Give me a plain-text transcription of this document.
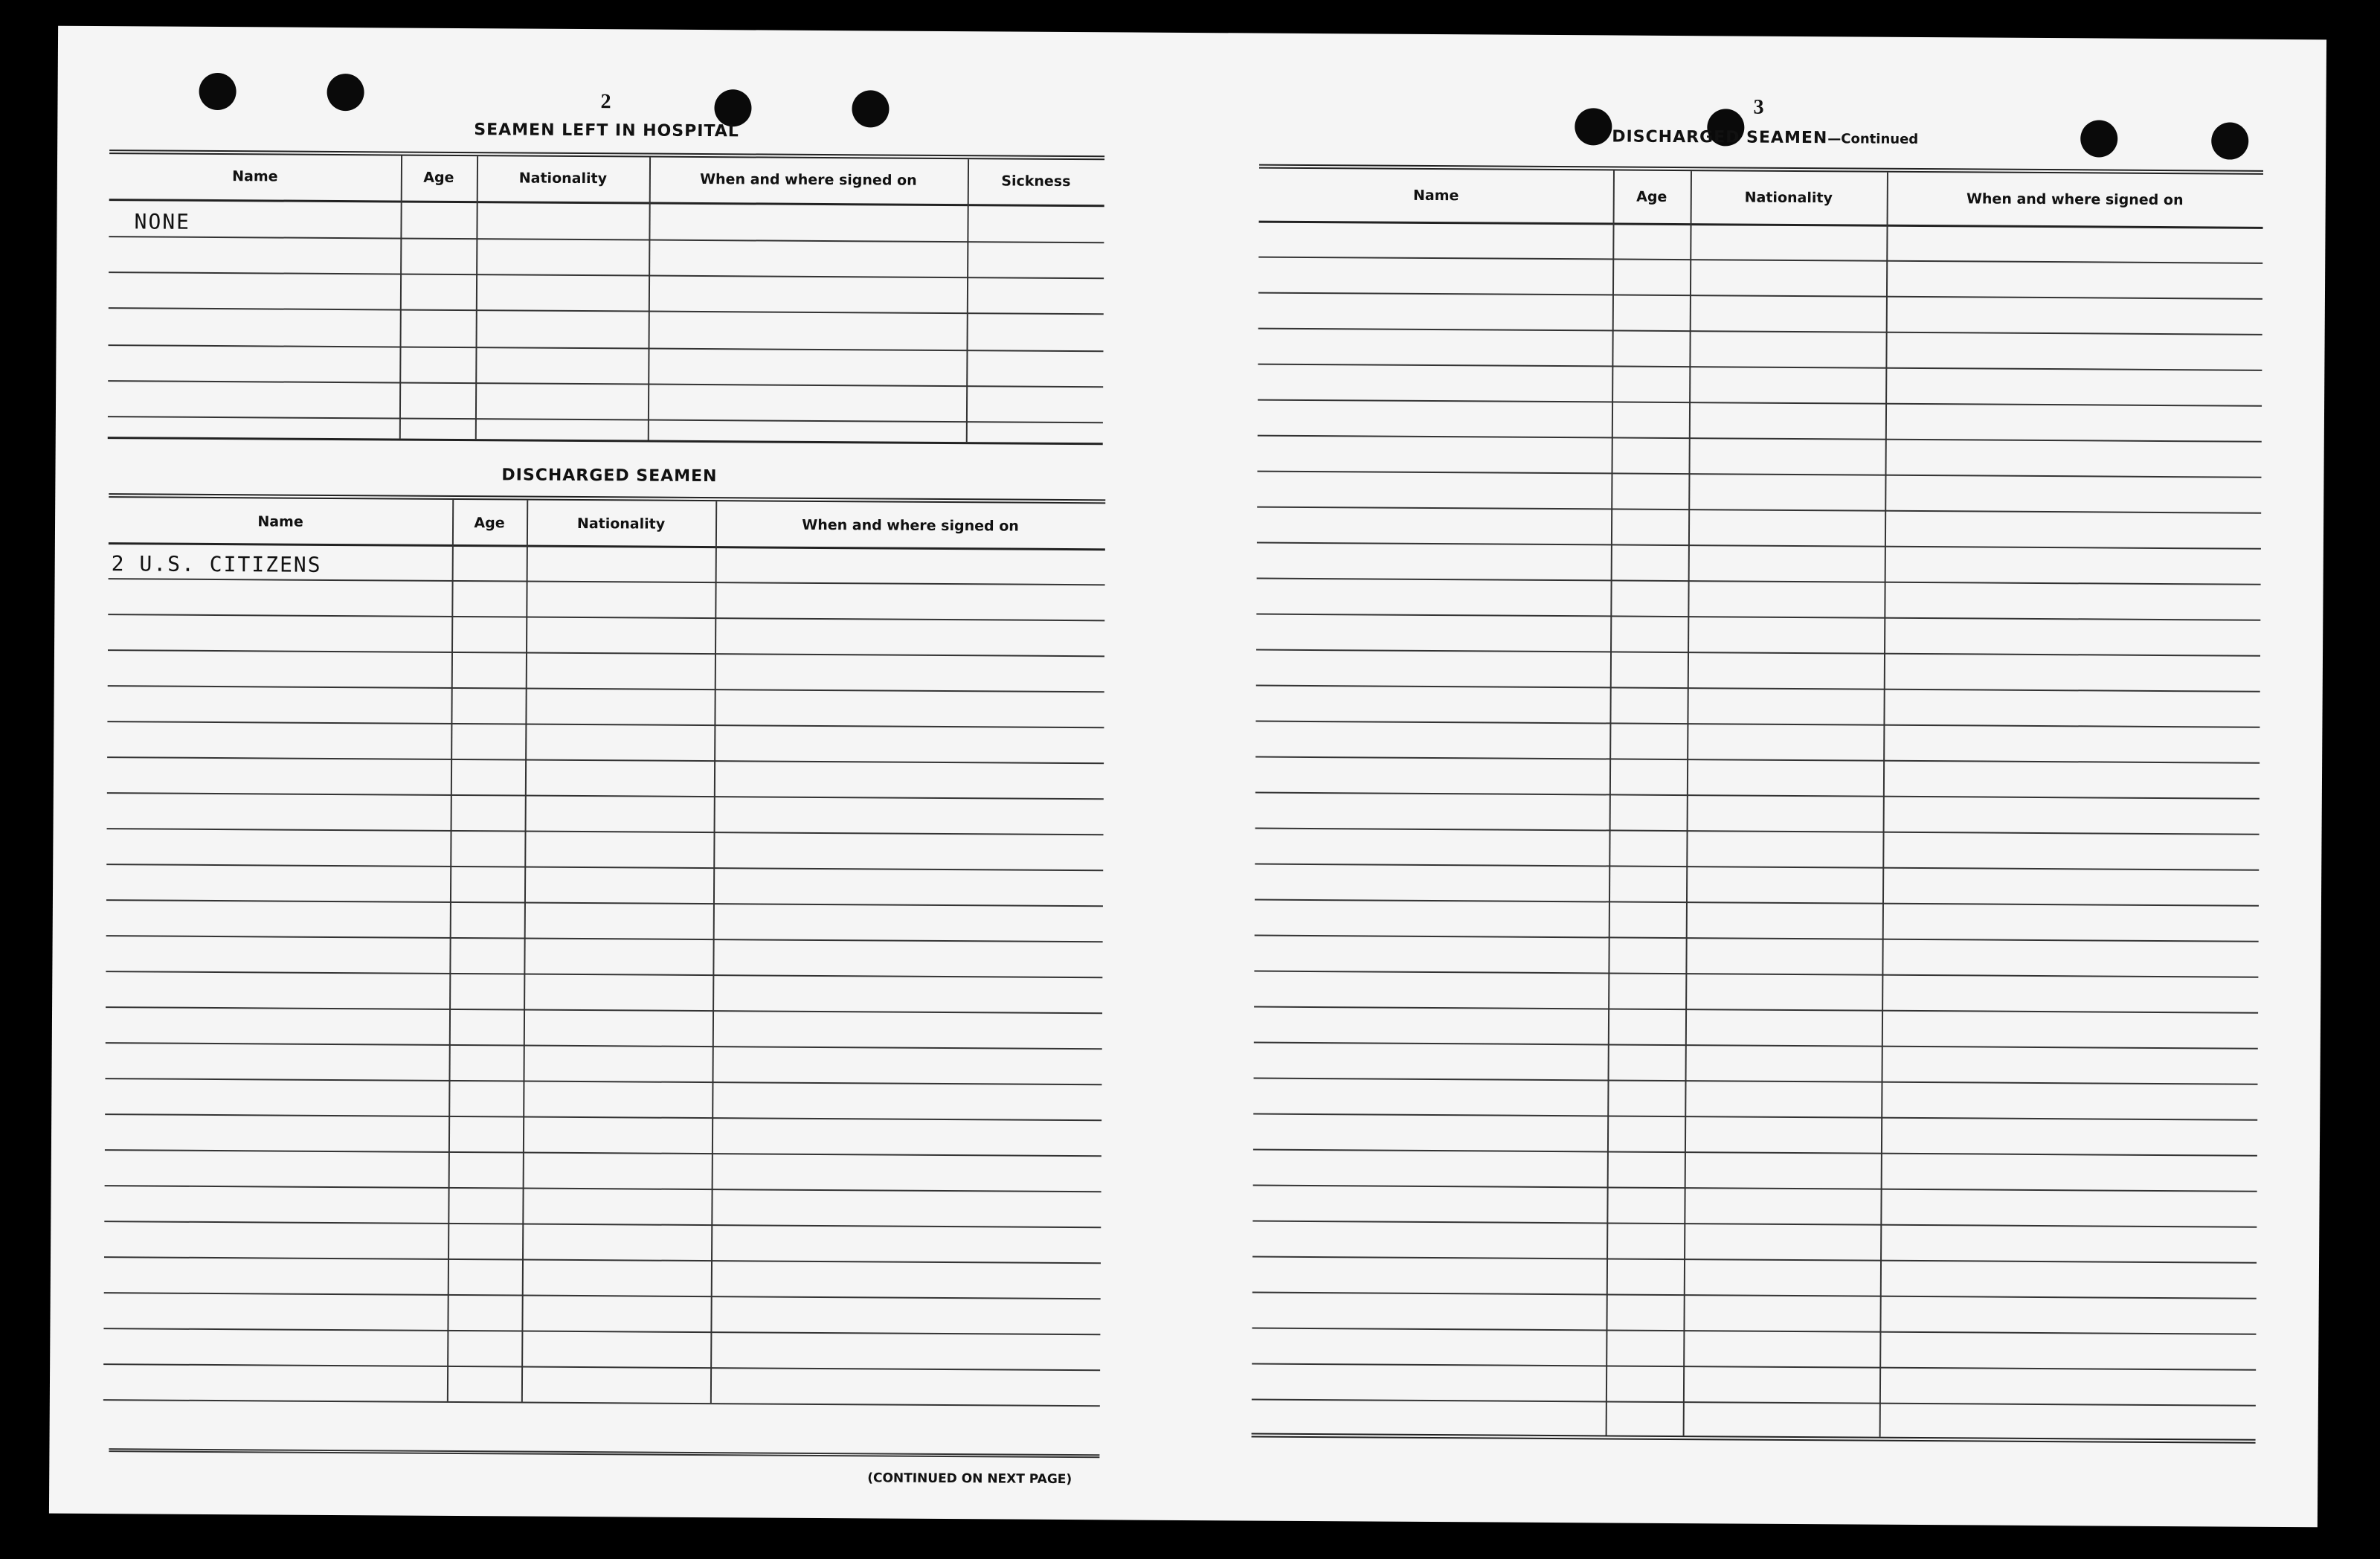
2
SEAMEN LEFT IN HOSPITAL
Name	Age	Nationality	When and where signed on	Sickness
NONE
DISCHARGED SEAMEN
Name	Age	Nationality	When and where signed on
2 U.S. CITIZENS
(CONTINUED ON NEXT PAGE)
3
DISCHARGED SEAMEN—Continued
Name	Age	Nationality	When and where signed on
